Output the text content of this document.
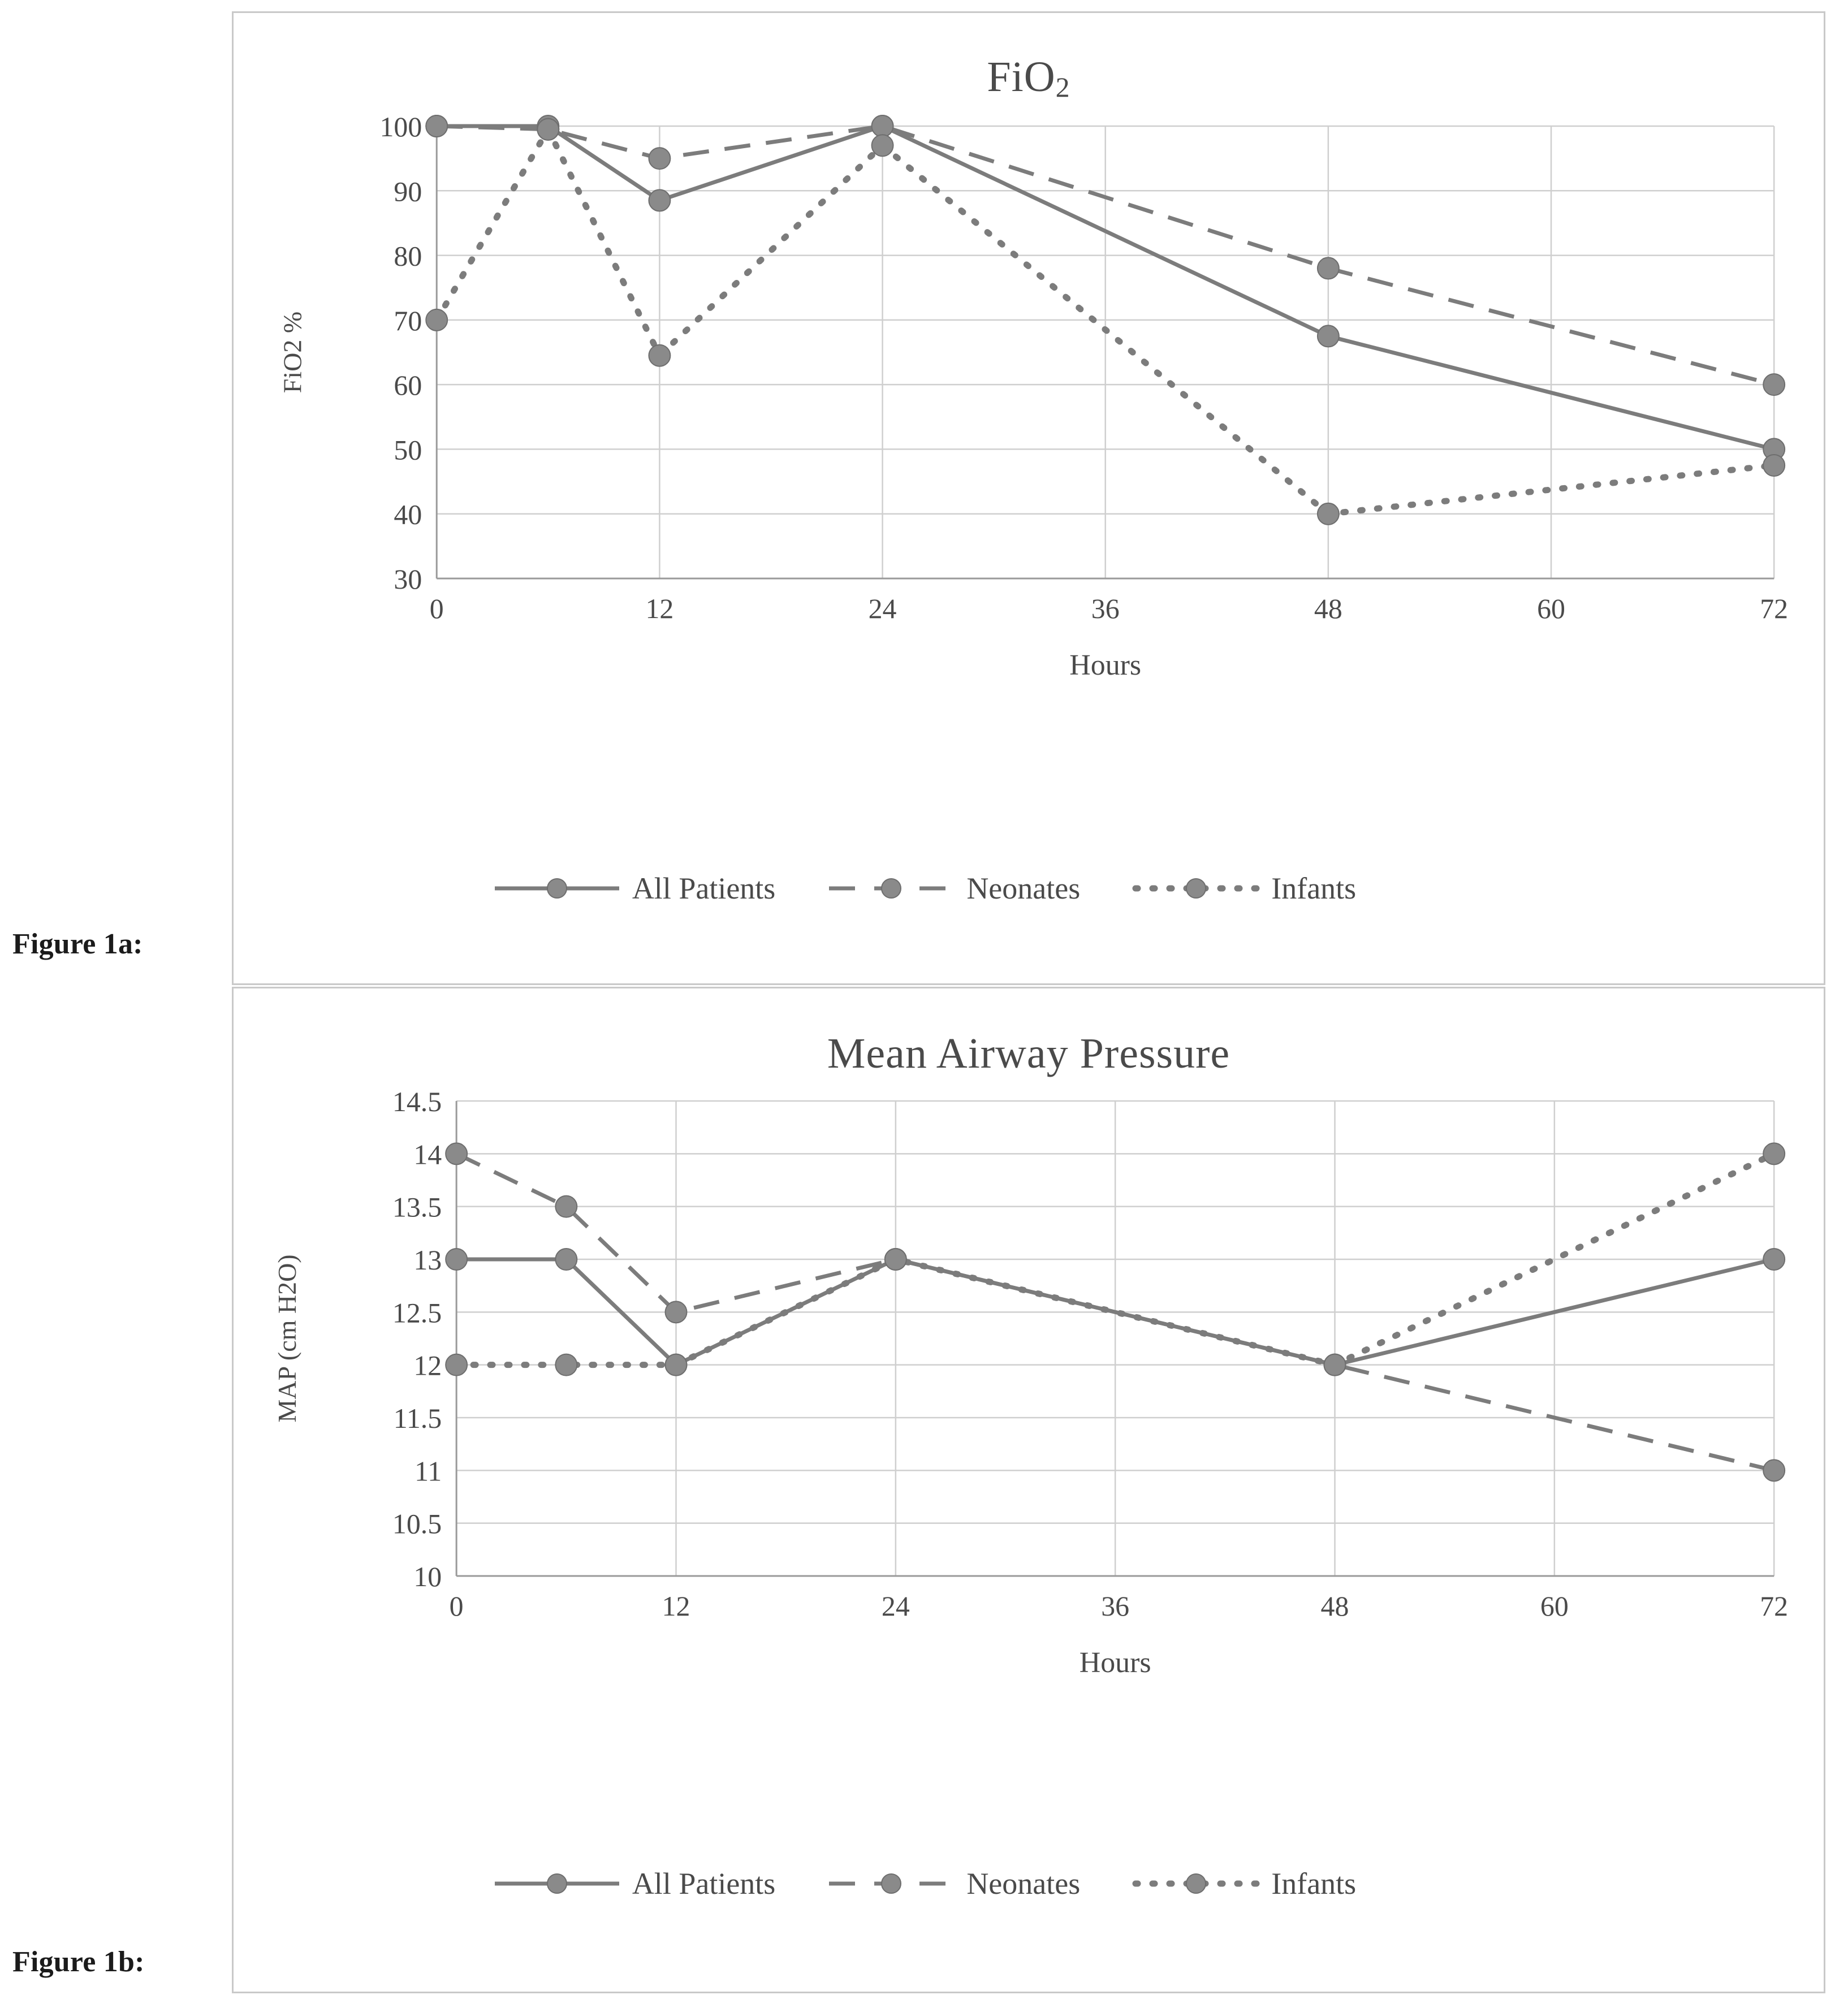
Figure 1a:
Figure 1b:
FiO$_2$
30
40
50
60
70
80
90
100
0	12	24	36	48	60	72
Hours
FiO2 %
All Patients	Neonates	Infants
Mean Airway Pressure
10
10.5
11
11.5
12
12.5
13
13.5
14
14.5
0	12	24	36	48	60	72
Hours
MAP (cm H2O)
All Patients	Neonates	Infants
